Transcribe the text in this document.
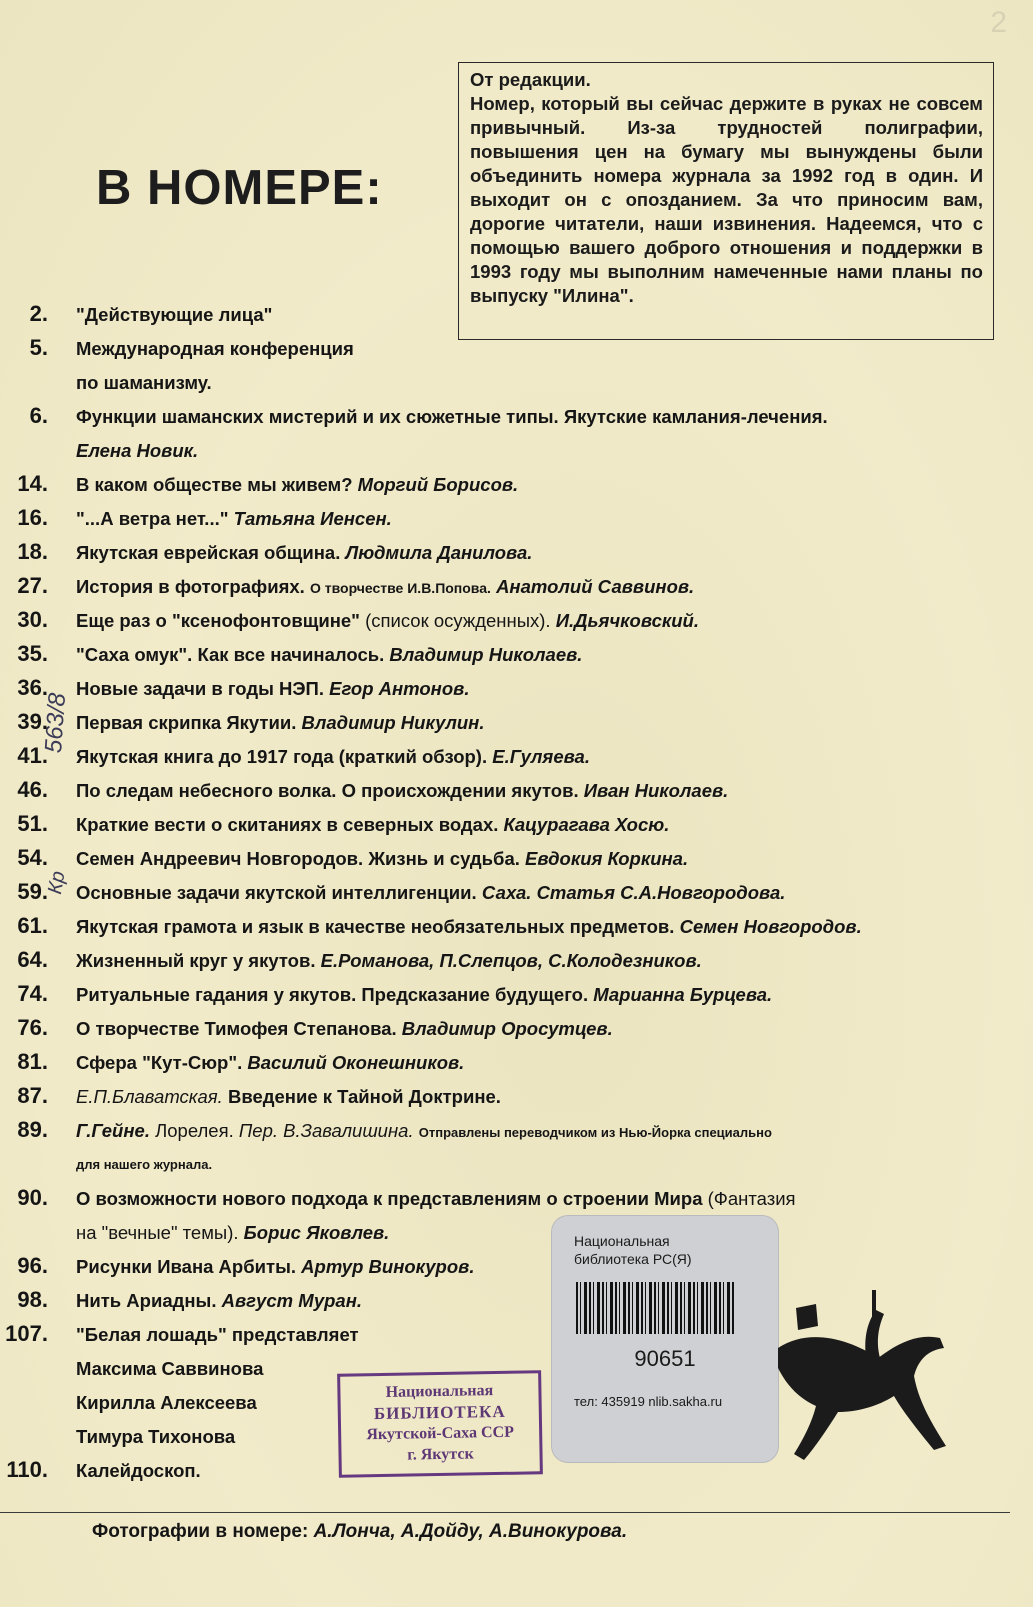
2
От редакции.
Номер, который вы сейчас держите в руках не совсем привычный. Из-за трудностей полиграфии, повышения цен на бумагу мы вынуждены были объединить номера журнала за 1992 год в один. И выходит он с опозданием. За что приносим вам, дорогие читатели, наши извинения. Надеемся, что с помощью вашего доброго отношения и поддержки в 1993 году мы выполним намеченные нами планы по выпуску "Илина".
В НОМЕРЕ:
2. "Действующие лица"
5. Международная конференция
по шаманизму.
6. Функции шаманских мистерий и их сюжетные типы. Якутские камлания-лечения.
Елена Новик.
14. В каком обществе мы живем? Моргий Борисов.
16. "...А ветра нет..." Татьяна Иенсен.
18. Якутская еврейская община. Людмила Данилова.
27. История в фотографиях. О творчестве И.В.Попова. Анатолий Саввинов.
30. Еще раз о "ксенофонтовщине" (список осужденных). И.Дьячковский.
35. "Саха омук". Как все начиналось. Владимир Николаев.
36. Новые задачи в годы НЭП. Егор Антонов.
39. Первая скрипка Якутии. Владимир Никулин.
41. Якутская книга до 1917 года (краткий обзор). Е.Гуляева.
46. По следам небесного волка. О происхождении якутов. Иван Николаев.
51. Краткие вести о скитаниях в северных водах. Кацурагава Хосю.
54. Семен Андреевич Новгородов. Жизнь и судьба. Евдокия Коркина.
59. Основные задачи якутской интеллигенции. Саха. Статья С.А.Новгородова.
61. Якутская грамота и язык в качестве необязательных предметов. Семен Новгородов.
64. Жизненный круг у якутов. Е.Романова, П.Слепцов, С.Колодезников.
74. Ритуальные гадания у якутов. Предсказание будущего. Марианна Бурцева.
76. О творчестве Тимофея Степанова. Владимир Оросутцев.
81. Сфера "Кут-Сюр". Василий Оконешников.
87. Е.П.Блаватская. Введение к Тайной Доктрине.
89. Г.Гейне. Лорелея. Пер. В.Завалишина. Отправлены переводчиком из Нью-Йорка специально
для нашего журнала.
90. О возможности нового подхода к представлениям о строении Мира (Фантазия
на "вечные" темы). Борис Яковлев.
96. Рисунки Ивана Арбиты. Артур Винокуров.
98. Нить Ариадны. Август Муран.
107. "Белая лошадь" представляет
Максима Саввинова
Кирилла Алексеева
Тимура Тихонова
110. Калейдоскоп.
563/8
Кр
Национальная
БИБЛИОТЕКА
Якутской-Саха ССР
г. Якутск
Национальная
библиотека РС(Я)
90651
тел: 435919 nlib.sakha.ru
Фотографии в номере: А.Лонча, А.Дойду, А.Винокурова.
